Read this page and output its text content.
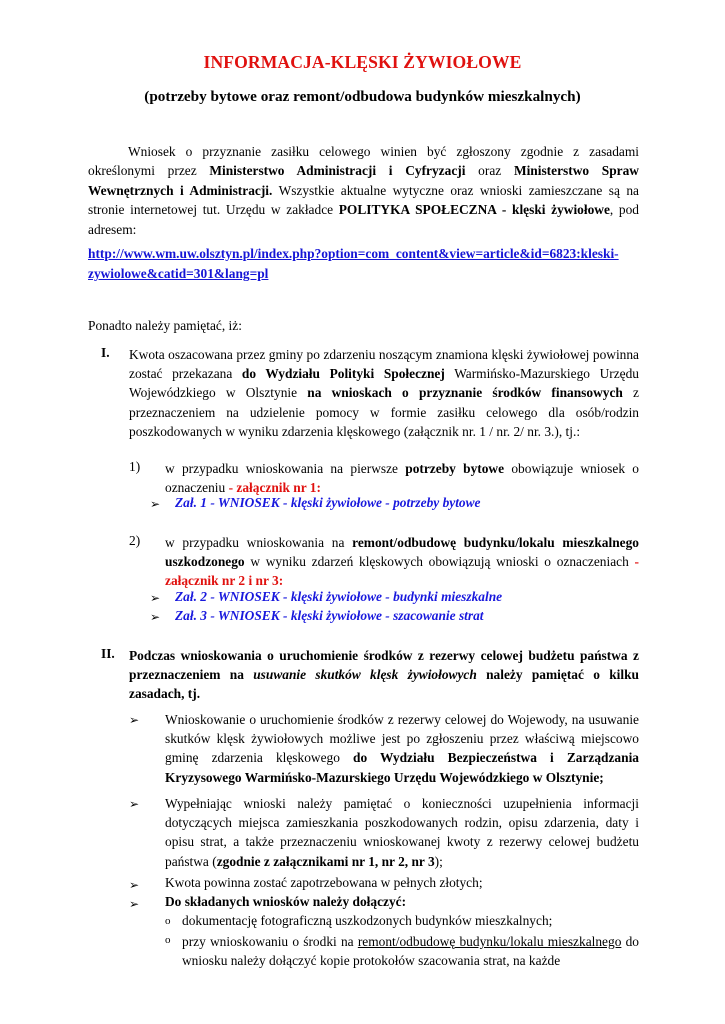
INFORMACJA-KLĘSKI ŻYWIOŁOWE
(potrzeby bytowe oraz remont/odbudowa budynków mieszkalnych)
Wniosek o przyznanie zasiłku celowego winien być zgłoszony zgodnie z zasadami określonymi przez Ministerstwo Administracji i Cyfryzacji oraz Ministerstwo Spraw Wewnętrznych i Administracji. Wszystkie aktualne wytyczne oraz wnioski zamieszczane są na stronie internetowej tut. Urzędu w zakładce POLITYKA SPOŁECZNA - klęski żywiołowe, pod adresem:
http://www.wm.uw.olsztyn.pl/index.php?option=com_content&view=article&id=6823:kleski-
zywiolowe&catid=301&lang=pl
Ponadto należy pamiętać, iż:
I. Kwota oszacowana przez gminy po zdarzeniu noszącym znamiona klęski żywiołowej powinna zostać przekazana do Wydziału Polityki Społecznej Warmińsko-Mazurskiego Urzędu Wojewódzkiego w Olsztynie na wnioskach o przyznanie środków finansowych z przeznaczeniem na udzielenie pomocy w formie zasiłku celowego dla osób/rodzin poszkodowanych w wyniku zdarzenia klęskowego (załącznik nr. 1 / nr. 2/ nr. 3.), tj.:
1) w przypadku wnioskowania na pierwsze potrzeby bytowe obowiązuje wniosek o oznaczeniu - załącznik nr 1:
➢ Zał. 1 - WNIOSEK - klęski żywiołowe - potrzeby bytowe
2) w przypadku wnioskowania na remont/odbudowę budynku/lokalu mieszkalnego uszkodzonego w wyniku zdarzeń klęskowych obowiązują wnioski o oznaczeniach - załącznik nr 2 i nr 3:
➢ Zał. 2 - WNIOSEK - klęski żywiołowe - budynki mieszkalne
➢ Zał. 3 - WNIOSEK - klęski żywiołowe - szacowanie strat
II. Podczas wnioskowania o uruchomienie środków z rezerwy celowej budżetu państwa z przeznaczeniem na usuwanie skutków klęsk żywiołowych należy pamiętać o kilku zasadach, tj.
➢ Wnioskowanie o uruchomienie środków z rezerwy celowej do Wojewody, na usuwanie skutków klęsk żywiołowych możliwe jest po zgłoszeniu przez właściwą miejscowo gminę zdarzenia klęskowego do Wydziału Bezpieczeństwa i Zarządzania Kryzysowego Warmińsko-Mazurskiego Urzędu Wojewódzkiego w Olsztynie;
➢ Wypełniając wnioski należy pamiętać o konieczności uzupełnienia informacji dotyczących miejsca zamieszkania poszkodowanych rodzin, opisu zdarzenia, daty i opisu strat, a także przeznaczeniu wnioskowanej kwoty z rezerwy celowej budżetu państwa (zgodnie z załącznikami nr 1, nr 2, nr 3);
➢ Kwota powinna zostać zapotrzebowana w pełnych złotych;
➢ Do składanych wniosków należy dołączyć:
o dokumentację fotograficzną uszkodzonych budynków mieszkalnych;
o przy wnioskowaniu o środki na remont/odbudowę budynku/lokalu mieszkalnego do wniosku należy dołączyć kopie protokołów szacowania strat, na każde
